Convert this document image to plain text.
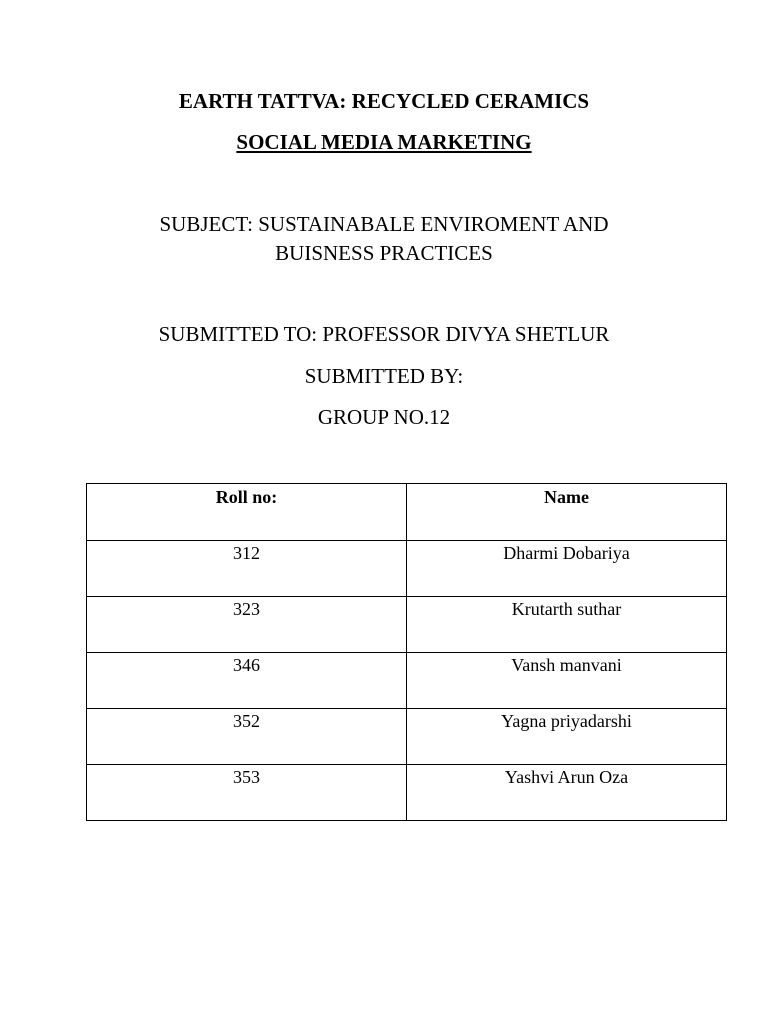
EARTH TATTVA: RECYCLED CERAMICS
SOCIAL MEDIA MARKETING
SUBJECT: SUSTAINABALE ENVIROMENT AND
BUISNESS PRACTICES
SUBMITTED TO: PROFESSOR DIVYA SHETLUR
SUBMITTED BY:
GROUP NO.12
Roll no:	Name
312	Dharmi Dobariya
323	Krutarth suthar
346	Vansh manvani
352	Yagna priyadarshi
353	Yashvi Arun Oza
